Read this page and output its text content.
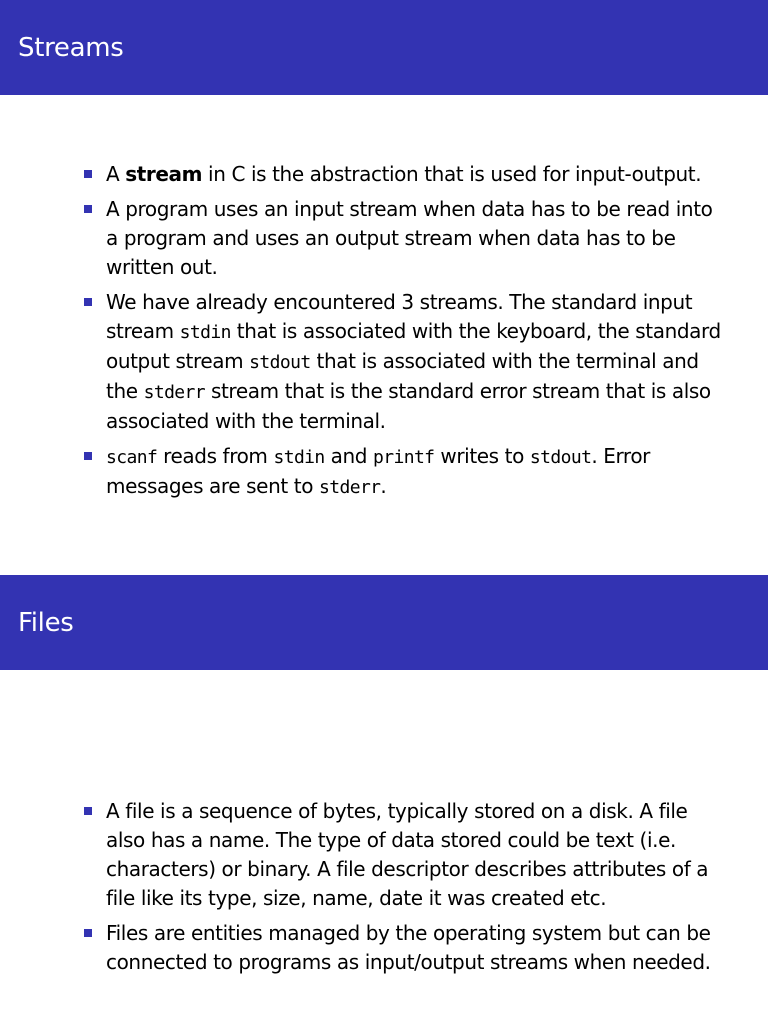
Streams
A stream in C is the abstraction that is used for input-output.
A program uses an input stream when data has to be read into a program and uses an output stream when data has to be written out.
We have already encountered 3 streams. The standard input stream stdin that is associated with the keyboard, the standard output stream stdout that is associated with the terminal and the stderr stream that is the standard error stream that is also associated with the terminal.
scanf reads from stdin and printf writes to stdout. Error messages are sent to stderr.
Files
A file is a sequence of bytes, typically stored on a disk. A file also has a name. The type of data stored could be text (i.e. characters) or binary. A file descriptor describes attributes of a file like its type, size, name, date it was created etc.
Files are entities managed by the operating system but can be connected to programs as input/output streams when needed.
